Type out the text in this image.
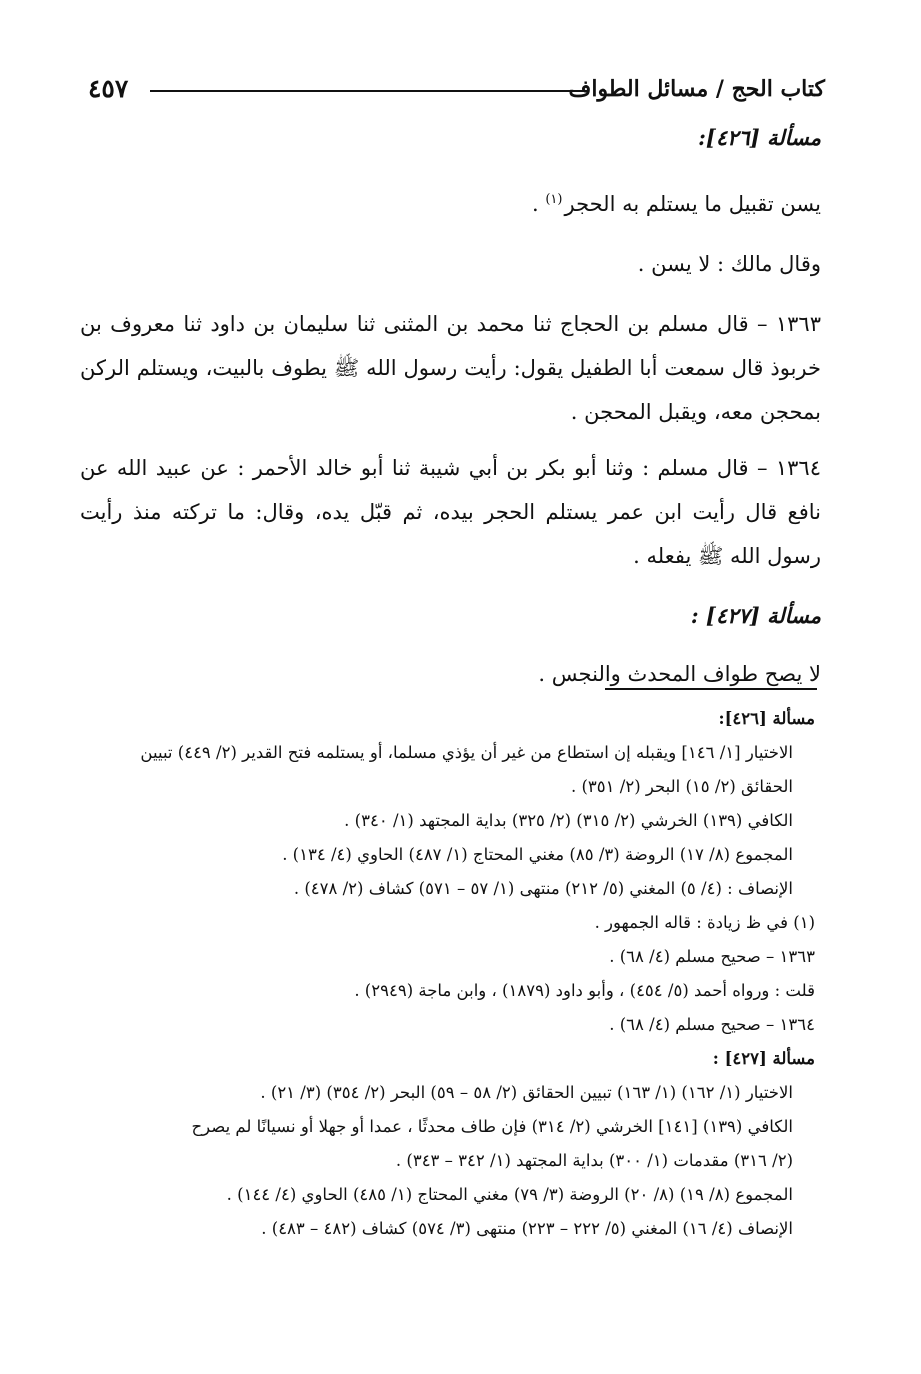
كتاب الحج / مسائل الطواف
٤٥٧

مسألة [٤٢٦]:

يسن تقبيل ما يستلم به الحجر$^{(١)}$ .

وقال مالك : لا يسن .

١٣٦٣ – قال مسلم بن الحجاج ثنا محمد بن المثنى ثنا سليمان بن داود ثنا معروف بن خربوذ قال سمعت أبا الطفيل يقول: رأيت رسول الله ﷺ يطوف بالبيت، ويستلم الركن بمحجن معه، ويقبل المحجن .

١٣٦٤ – قال مسلم : وثنا أبو بكر بن أبي شيبة ثنا أبو خالد الأحمر : عن عبيد الله عن نافع قال رأيت ابن عمر يستلم الحجر بيده، ثم قبّل يده، وقال: ما تركته منذ رأيت رسول الله ﷺ يفعله .

مسألة [٤٢٧] :

لا يصح طواف المحدث والنجس .

مسألة [٤٢٦]:

الاختيار [١/ ١٤٦] ويقبله إن استطاع من غير أن يؤذي مسلما، أو يستلمه فتح القدير (٢/ ٤٤٩) تبيين

الحقائق (٢/ ١٥) البحر (٢/ ٣٥١) .

الكافي (١٣٩) الخرشي (٢/ ٣١٥) (٢/ ٣٢٥) بداية المجتهد (١/ ٣٤٠) .

المجموع (٨/ ١٧) الروضة (٣/ ٨٥) مغني المحتاج (١/ ٤٨٧) الحاوي (٤/ ١٣٤) .

الإنصاف : (٤/ ٥) المغني (٥/ ٢١٢) منتهى (١/ ٥٧ – ٥٧١) كشاف (٢/ ٤٧٨) .

(١) في ظ زيادة : قاله الجمهور .

١٣٦٣ – صحيح مسلم (٤/ ٦٨) .

قلت : ورواه أحمد (٥/ ٤٥٤) ، وأبو داود (١٨٧٩) ، وابن ماجة (٢٩٤٩) .

١٣٦٤ – صحيح مسلم (٤/ ٦٨) .

مسألة [٤٢٧] :

الاختيار (١/ ١٦٢) (١/ ١٦٣) تبيين الحقائق (٢/ ٥٨ – ٥٩) البحر (٢/ ٣٥٤) (٣/ ٢١) .

الكافي (١٣٩) [١٤١] الخرشي (٢/ ٣١٤) فإن طاف محدثًا ، عمدا أو جهلا أو نسيانًا لم يصرح

(٢/ ٣١٦) مقدمات (١/ ٣٠٠) بداية المجتهد (١/ ٣٤٢ – ٣٤٣) .

المجموع (٨/ ١٩) (٨/ ٢٠) الروضة (٣/ ٧٩) مغني المحتاج (١/ ٤٨٥) الحاوي (٤/ ١٤٤) .

الإنصاف (٤/ ١٦) المغني (٥/ ٢٢٢ – ٢٢٣) منتهى (٣/ ٥٧٤) كشاف (٤٨٢ – ٤٨٣) .
